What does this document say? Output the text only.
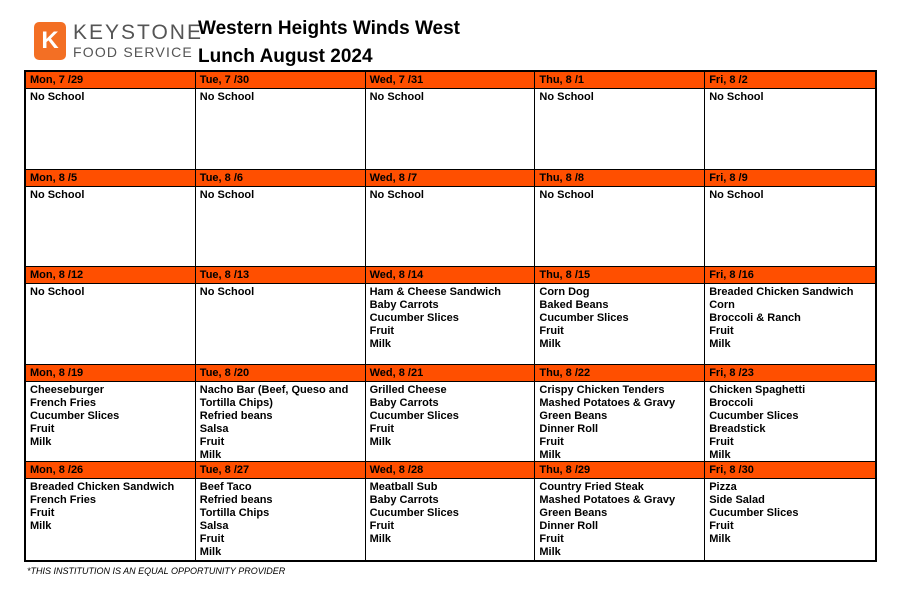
K KEYSTONE
FOOD SERVICE
Western Heights Winds West
Lunch August 2024
Mon, 7 /29
No School
Tue, 7 /30
No School
Wed, 7 /31
No School
Thu, 8 /1
No School
Fri, 8 /2
No School
Mon, 8 /5
No School
Tue, 8 /6
No School
Wed, 8 /7
No School
Thu, 8 /8
No School
Fri, 8 /9
No School
Mon, 8 /12
No School
Tue, 8 /13
No School
Wed, 8 /14
Ham & Cheese Sandwich
Baby Carrots
Cucumber Slices
Fruit
Milk
Thu, 8 /15
Corn Dog
Baked Beans
Cucumber Slices
Fruit
Milk
Fri, 8 /16
Breaded Chicken Sandwich
Corn
Broccoli & Ranch
Fruit
Milk
Mon, 8 /19
Cheeseburger
French Fries
Cucumber Slices
Fruit
Milk
Tue, 8 /20
Nacho Bar (Beef, Queso and Tortilla Chips)
Refried beans
Salsa
Fruit
Milk
Wed, 8 /21
Grilled Cheese
Baby Carrots
Cucumber Slices
Fruit
Milk
Thu, 8 /22
Crispy Chicken Tenders
Mashed Potatoes & Gravy
Green Beans
Dinner Roll
Fruit
Milk
Fri, 8 /23
Chicken Spaghetti
Broccoli
Cucumber Slices
Breadstick
Fruit
Milk
Mon, 8 /26
Breaded Chicken Sandwich
French Fries
Fruit
Milk
Tue, 8 /27
Beef Taco
Refried beans
Tortilla Chips
Salsa
Fruit
Milk
Wed, 8 /28
Meatball Sub
Baby Carrots
Cucumber Slices
Fruit
Milk
Thu, 8 /29
Country Fried Steak
Mashed Potatoes & Gravy
Green Beans
Dinner Roll
Fruit
Milk
Fri, 8 /30
Pizza
Side Salad
Cucumber Slices
Fruit
Milk
*THIS INSTITUTION IS AN EQUAL OPPORTUNITY PROVIDER
